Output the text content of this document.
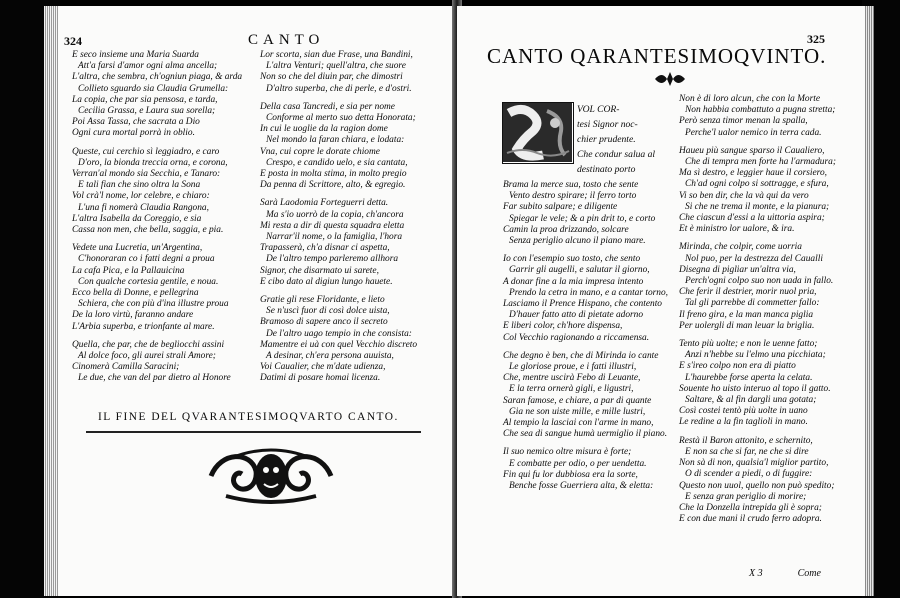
324	CANTO
E seco insieme una Maria Suarda
Att'a farsi d'amor ogni alma ancella;
L'altra, che sembra, ch'ogniun piaga, & arda
Collieto sguardo sia Claudia Grumella:
La copia, che par sia pensosa, e tarda,
Cecilia Grassa, e Laura sua sorella;
Poi Assa Tassa, che sacrata a Dio
Ogni cura mortal porrà in oblio.
Queste, cui cerchio sì leggiadro, e caro
D'oro, la bionda treccia orna, e corona,
Verran'al mondo sia Secchia, e Tanaro:
E tali fian che sino oltra la Sona
Vol crà'l nome, lor celebre, e chiaro:
L'una fi nomerà Claudia Rangona,
L'altra Isabella da Coreggio, e sia
Cassa non men, che bella, saggia, e pia.
Vedete una Lucretia, un'Argentina,
C'honoraran co i fatti degni a proua
La cafa Pica, e la Pallauicina
Con qualche cortesia gentile, e noua.
Ecco bella di Donne, e pellegrina
Schiera, che con più d'ina illustre proua
De la loro virtù, faranno andare
L'Arbia superba, e trionfante al mare.
Quella, che par, che de begliocchi assini
Al dolce foco, gli aurei strali Amore;
Cinomerà Camilla Saracini;
Le due, che van del par dietro al Honore
Lor scorta, sian due Frase, una Bandini,
L'altra Venturi; quell'altra, che suore
Non so che del diuin par, che dimostri
D'altro superba, che di perle, e d'ostri.
Della casa Tancredi, e sia per nome
Conforme al merto suo detta Honorata;
In cui le uoglie da la ragion dome
Nel mondo la faran chiara, e lodata:
Vna, cui copre le dorate chiome
Crespo, e candido uelo, e sia cantata,
E posta in molta stima, in molto pregio
Da penna di Scrittore, alto, & egregio.
Sarà Laodomia Forteguerri detta.
Ma s'io uorrò de la copia, ch'ancora
Mi resta a dir di questa squadra eletta
Narrar'il nome, o la famiglia, l'hora
Trapasserà, ch'a disnar ci aspetta,
De l'altro tempo parleremo allhora
Signor, che disarmato ui sarete,
E cibo dato al digiun lungo hauete.
Gratie gli rese Floridante, e lieto
Se n'uscì fuor di così dolce uista,
Bramoso di sapere anco il secreto
De l'altro uago tempio in che consista:
Mamentre ei uà con quel Vecchio discreto
A desinar, ch'era persona auuista,
Voi Caualier, che m'date udienza,
Datimi di posare homai licenza.
IL FINE DEL QVARANTESIMOQVARTO CANTO.
325
CANTO QARANTESIMOQVINTO.
VOL COR-
tesi Signor noc-
chier prudente.
Che condur salua al
destinato porto
Brama la merce sua, tosto che sente
Vento destro spirare; il ferro torto
Far subito salpare; e diligente
Spiegar le vele; & a pin drit to, e corto
Camin la proa drizzando, solcare
Senza periglio alcuno il piano mare.
Io con l'esempio suo tosto, che sento
Garrir gli augelli, e salutar il giorno,
A donar fine a la mia impresa intento
Prendo la cetra in mano, e a cantar torno,
Lasciamo il Prence Hispano, che contento
D'hauer fatto atto di pietate adorno
E liberi color, ch'hore dispensa,
Col Vecchio ragionando a riccamensa.
Che degno è ben, che di Mirinda io cante
Le gloriose proue, e i fatti illustri,
Che, mentre uscirà Febo di Leuante,
E la terra ornerà gigli, e ligustri,
Saran famose, e chiare, a par di quante
Gia ne son uiste mille, e mille lustri,
Al tempio la lasciai con l'arme in mano,
Che sea di sangue humà uermiglio il piano.
Il suo nemico oltre misura è forte;
E combatte per odio, o per uendetta.
Fin qui fu lor dubbiosa era la sorte,
Benche fosse Guerriera alta, & eletta:
Non è di loro alcun, che con la Morte
Non habbia combattuto a pugna stretta;
Però senza timor menan la spalla,
Perche'l ualor nemico in terra cada.
Haueu più sangue sparso il Caualiero,
Che di tempra men forte ha l'armadura;
Ma sì destro, e leggier haue il corsiero,
Ch'ad ogni colpo si sottragge, e sfura,
Vi so ben dir, che la và qui da vero
Si che ne trema il monte, e la pianura;
Che ciascun d'essi a la uittoria aspira;
Et è ministro lor ualore, & ira.
Mirinda, che colpir, come uorria
Nol puo, per la destrezza del Caualli
Disegna di pigliar un'altra via,
Perch'ogni colpo suo non uada in fallo.
Che ferir il destrier, morir nuol pria,
Tal gli parrebbe di commetter fallo:
Il freno gira, e la man manca piglia
Per uolergli di man leuar la briglia.
Tento più uolte; e non le uenne fatto;
Anzi n'hebbe su l'elmo una picchiata;
E s'ireo colpo non era di piatto
L'haurebbe forse aperta la celata.
Souente ho uisto interuo al topo il gatto.
Saltare, & al fin dargli una gotata;
Così costei tentò più uolte in uano
Le redine a la fin taglioli in mano.
Restà il Baron attonito, e schernito,
E non sa che si far, ne che si dire
Non sà di non, qualsia'l miglior partito,
O di scender a piedi, o di fuggire:
Questo non uuol, quello non può spedito;
E senza gran periglio di morire;
Che la Donzella intrepida gli è sopra;
E con due mani il crudo ferro adopra.
X 3	Come
